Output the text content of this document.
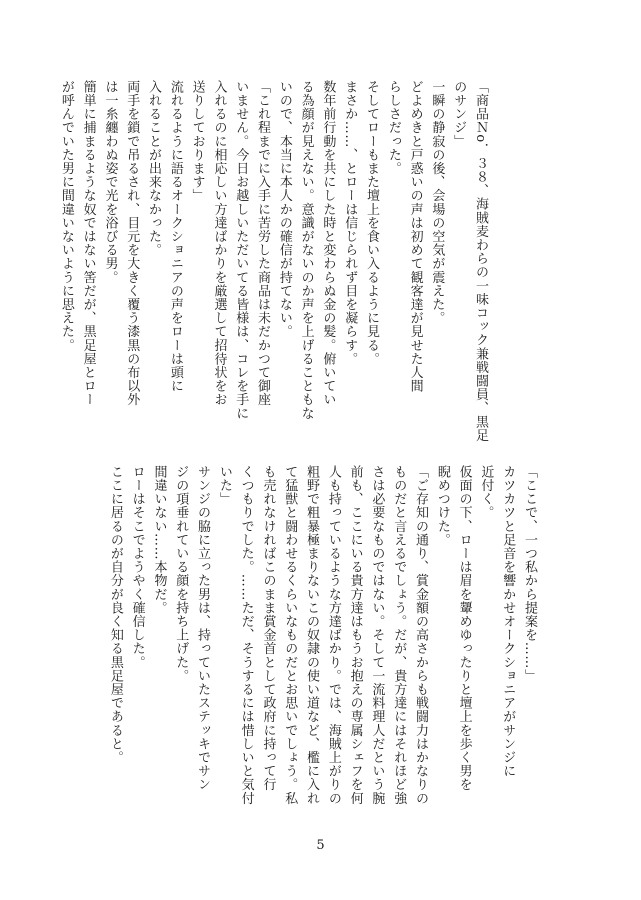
「商品Ｎo．３８、海賊麦わらの一味コック兼戦闘員、黒足

のサンジ」

一瞬の静寂の後、会場の空気が震えた。

どよめきと戸惑いの声は初めて観客達が見せた人間

らしさだった。

そしてローもまた壇上を食い入るように見る。

まさか……、とローは信じられず目を凝らす。

数年前行動を共にした時と変わらぬ金の髪。俯いてい

る為顔が見えない。意識がないのか声を上げることもな

いので、本当に本人かの確信が持てない。

「これ程までに入手に苦労した商品は未だかつて御座

いません。今日お越しいただいてる皆様は、コレを手に

入れるのに相応しい方達ばかりを厳選して招待状をお

送りしております」

流れるように語るオークショニアの声をローは頭に

入れることが出来なかった。

両手を鎖で吊るされ、目元を大きく覆う漆黒の布以外

は一糸纏わぬ姿で光を浴びる男。

簡単に捕まるような奴ではない筈だが、黒足屋とロー

が呼んでいた男に間違いないように思えた。

「ここで、一つ私から提案を……」

カツカツと足音を響かせオークショニアがサンジに

近付く。

仮面の下、ローは眉を顰めゆったりと壇上を歩く男を

睨めつけた。

「ご存知の通り、賞金額の高さからも戦闘力はかなりの

ものだと言えるでしょう。だが、貴方達にはそれほど強

さは必要なものではない。そして一流料理人だという腕

前も、ここにいる貴方達はもうお抱えの専属シェフを何

人も持っているような方達ばかり。では、海賊上がりの

粗野で粗暴極まりないこの奴隷の使い道など、檻に入れ

て猛獣と闘わせるくらいなものだとお思いでしょう。私

も売れなければこのまま賞金首として政府に持って行

くつもりでした。……ただ、そうするには惜しいと気付

いた」

サンジの脇に立った男は、持っていたステッキでサン

ジの項垂れている顔を持ち上げた。

間違いない……本物だ。

ローはそこでようやく確信した。

ここに居るのが自分が良く知る黒足屋であると。

5
